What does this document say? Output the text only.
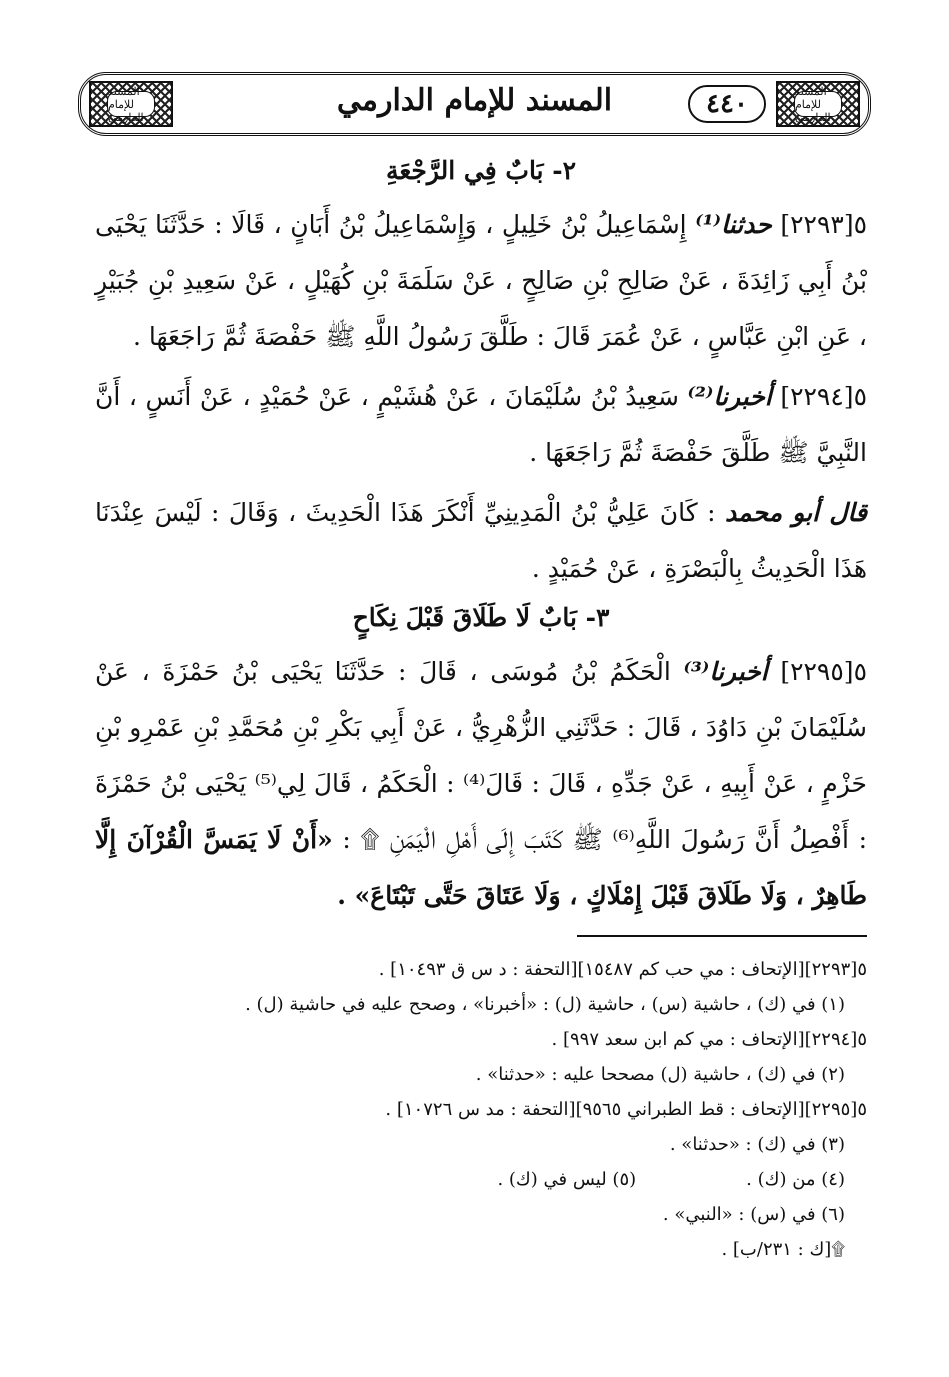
المسند للإمام الدارمي	المسند للإمام الدارمي	٤٤٠	المسند للإمام الدارمي
٢- بَابٌ فِي الرَّجْعَةِ

٥[٢٢٩٣] حدثنا⁽¹⁾ إِسْمَاعِيلُ بْنُ خَلِيلٍ ، وَإِسْمَاعِيلُ بْنُ أَبَانٍ ، قَالَا : حَدَّثَنَا يَحْيَى بْنُ أَبِي زَائِدَةَ ، عَنْ صَالِحِ بْنِ صَالِحٍ ، عَنْ سَلَمَةَ بْنِ كُهَيْلٍ ، عَنْ سَعِيدِ بْنِ جُبَيْرٍ ، عَنِ ابْنِ عَبَّاسٍ ، عَنْ عُمَرَ قَالَ : طَلَّقَ رَسُولُ اللَّهِ ﷺ حَفْصَةَ ثُمَّ رَاجَعَهَا .

٥[٢٢٩٤] أخبرنا⁽²⁾ سَعِيدُ بْنُ سُلَيْمَانَ ، عَنْ هُشَيْمٍ ، عَنْ حُمَيْدٍ ، عَنْ أَنَسٍ ، أَنَّ النَّبِيَّ ﷺ طَلَّقَ حَفْصَةَ ثُمَّ رَاجَعَهَا .

قال أبو محمد : كَانَ عَلِيُّ بْنُ الْمَدِينِيِّ أَنْكَرَ هَذَا الْحَدِيثَ ، وَقَالَ : لَيْسَ عِنْدَنَا هَذَا الْحَدِيثُ بِالْبَصْرَةِ ، عَنْ حُمَيْدٍ .

٣- بَابٌ لَا طَلَاقَ قَبْلَ نِكَاحٍ

٥[٢٢٩٥] أخبرنا⁽³⁾ الْحَكَمُ بْنُ مُوسَى ، قَالَ : حَدَّثَنَا يَحْيَى بْنُ حَمْزَةَ ، عَنْ سُلَيْمَانَ بْنِ دَاوُدَ ، قَالَ : حَدَّثَنِي الزُّهْرِيُّ ، عَنْ أَبِي بَكْرِ بْنِ مُحَمَّدِ بْنِ عَمْرِو بْنِ حَزْمٍ ، عَنْ أَبِيهِ ، عَنْ جَدِّهِ ، قَالَ : قَالَ⁽⁴⁾ : الْحَكَمُ ، قَالَ لِي⁽⁵⁾ يَحْيَى بْنُ حَمْزَةَ : أَفْصِلُ أَنَّ رَسُولَ اللَّهِ⁽⁶⁾ ﷺ كَتَبَ إِلَى أَهْلِ الْيَمَنِ ۩ : «أَنْ لَا يَمَسَّ الْقُرْآنَ إِلَّا طَاهِرٌ ، وَلَا طَلَاقَ قَبْلَ إِمْلَاكٍ ، وَلَا عَتَاقَ حَتَّى تَبْتَاعَ» .

٥[٢٢٩٣][الإتحاف : مي حب كم ١٥٤٨٧][التحفة : د س ق ١٠٤٩٣] .
(١) في (ك) ، حاشية (س) ، حاشية (ل) : «أخبرنا» ، وصحح عليه في حاشية (ل) .
٥[٢٢٩٤][الإتحاف : مي كم ابن سعد ٩٩٧] .
(٢) في (ك) ، حاشية (ل) مصححا عليه : «حدثنا» .
٥[٢٢٩٥][الإتحاف : قط الطبراني ٩٥٦٥][التحفة : مد س ١٠٧٢٦] .
(٣) في (ك) : «حدثنا» .
(٤) من (ك) .
(٥) ليس في (ك) .
(٦) في (س) : «النبي» .
۩[ك : ٢٣١/ب] .
